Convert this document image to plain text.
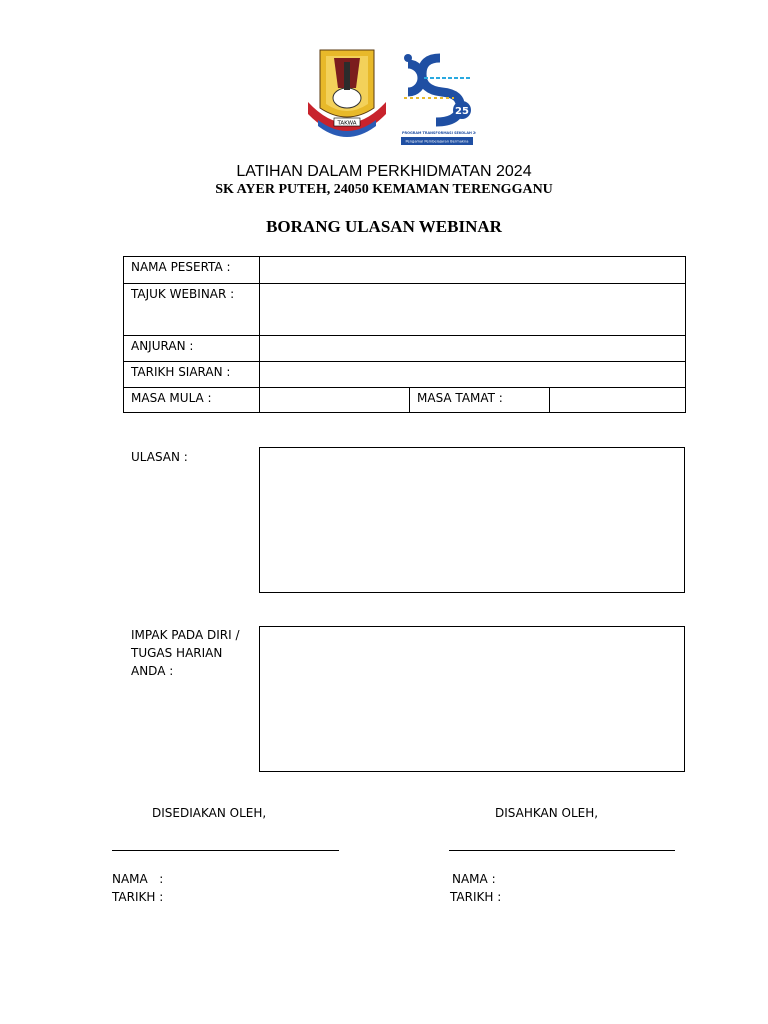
TAKWA
25
PROGRAM TRANSFORMASI SEKOLAH 2025
Pengamal Pembelajaran Bermakna
LATIHAN DALAM PERKHIDMATAN 2024
SK AYER PUTEH, 24050 KEMAMAN TERENGGANU
BORANG ULASAN WEBINAR
NAMA PESERTA :			
TAJUK WEBINAR :			
ANJURAN :			
TARIKH SIARAN :			
MASA MULA :		MASA TAMAT :	
ULASAN :
IMPAK PADA DIRI /
TUGAS HARIAN
ANDA :
DISEDIAKAN OLEH,	DISAHKAN OLEH,
NAMA   :
TARIKH :
NAMA :
TARIKH :
